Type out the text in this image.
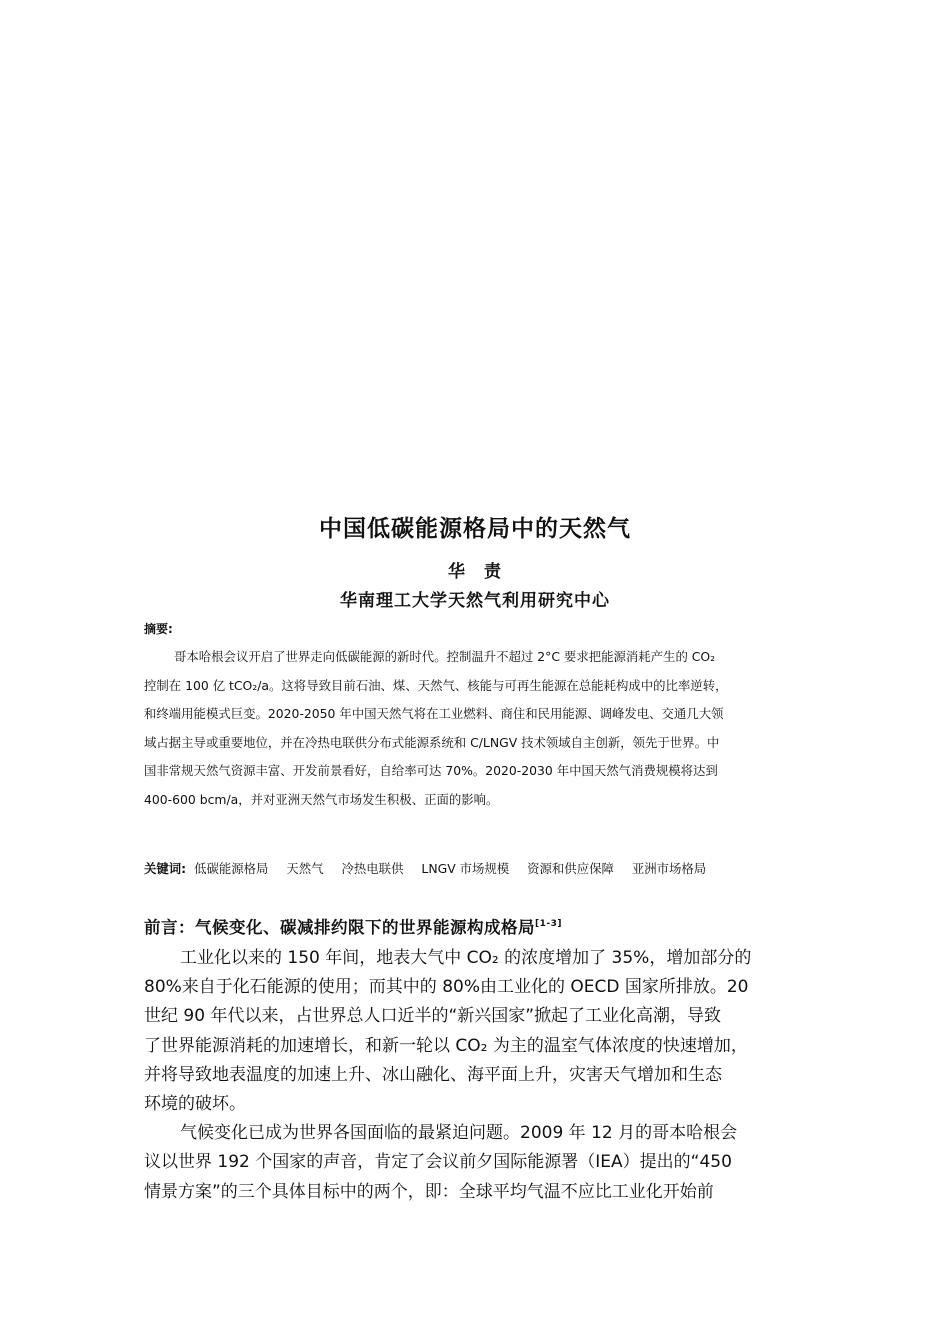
中国低碳能源格局中的天然气
华　责
华南理工大学天然气利用研究中心
摘要:
哥本哈根会议开启了世界走向低碳能源的新时代。控制温升不超过 2°C 要求把能源消耗产生的 CO₂
控制在 100 亿 tCO₂/a。这将导致目前石油、煤、天然气、核能与可再生能源在总能耗构成中的比率逆转，
和终端用能模式巨变。2020-2050 年中国天然气将在工业燃料、商住和民用能源、调峰发电、交通几大领
域占据主导或重要地位，并在冷热电联供分布式能源系统和 C/LNGV 技术领域自主创新，领先于世界。中
国非常规天然气资源丰富、开发前景看好，自给率可达 70%。2020-2030 年中国天然气消费规模将达到
400-600 bcm/a，并对亚洲天然气市场发生积极、正面的影响。
关键词: 低碳能源格局 天然气 冷热电联供 LNGV 市场规模 资源和供应保障 亚洲市场格局
前言：气候变化、碳减排约限下的世界能源构成格局[1-3]
工业化以来的 150 年间，地表大气中 CO₂ 的浓度增加了 35%，增加部分的
80%来自于化石能源的使用；而其中的 80%由工业化的 OECD 国家所排放。20
世纪 90 年代以来，占世界总人口近半的“新兴国家”掀起了工业化高潮，导致
了世界能源消耗的加速增长，和新一轮以 CO₂ 为主的温室气体浓度的快速增加，
并将导致地表温度的加速上升、冰山融化、海平面上升，灾害天气增加和生态
环境的破坏。
气候变化已成为世界各国面临的最紧迫问题。2009 年 12 月的哥本哈根会
议以世界 192 个国家的声音，肯定了会议前夕国际能源署（IEA）提出的“450
情景方案”的三个具体目标中的两个，即：全球平均气温不应比工业化开始前
